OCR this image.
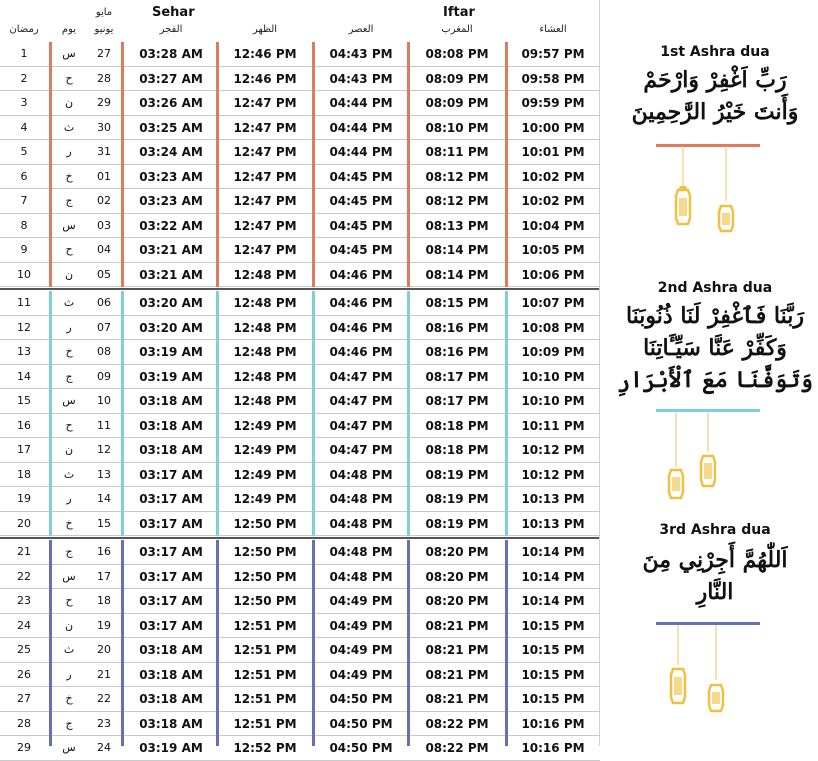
Sehar	Iftar
مايو
رمضان	يوم	يونيو	الفجر	الظهر	العصر	المغرب	العشاء
1	س	27	03:28 AM	12:46 PM	04:43 PM	08:08 PM	09:57 PM
2	ح	28	03:27 AM	12:46 PM	04:43 PM	08:09 PM	09:58 PM
3	ن	29	03:26 AM	12:47 PM	04:44 PM	08:09 PM	09:59 PM
4	ث	30	03:25 AM	12:47 PM	04:44 PM	08:10 PM	10:00 PM
5	ر	31	03:24 AM	12:47 PM	04:44 PM	08:11 PM	10:01 PM
6	خ	01	03:23 AM	12:47 PM	04:45 PM	08:12 PM	10:02 PM
7	ج	02	03:23 AM	12:47 PM	04:45 PM	08:12 PM	10:02 PM
8	س	03	03:22 AM	12:47 PM	04:45 PM	08:13 PM	10:04 PM
9	ح	04	03:21 AM	12:47 PM	04:45 PM	08:14 PM	10:05 PM
10	ن	05	03:21 AM	12:48 PM	04:46 PM	08:14 PM	10:06 PM
11	ث	06	03:20 AM	12:48 PM	04:46 PM	08:15 PM	10:07 PM
12	ر	07	03:20 AM	12:48 PM	04:46 PM	08:16 PM	10:08 PM
13	خ	08	03:19 AM	12:48 PM	04:46 PM	08:16 PM	10:09 PM
14	ج	09	03:19 AM	12:48 PM	04:47 PM	08:17 PM	10:10 PM
15	س	10	03:18 AM	12:48 PM	04:47 PM	08:17 PM	10:10 PM
16	ح	11	03:18 AM	12:49 PM	04:47 PM	08:18 PM	10:11 PM
17	ن	12	03:18 AM	12:49 PM	04:47 PM	08:18 PM	10:12 PM
18	ث	13	03:17 AM	12:49 PM	04:48 PM	08:19 PM	10:12 PM
19	ر	14	03:17 AM	12:49 PM	04:48 PM	08:19 PM	10:13 PM
20	خ	15	03:17 AM	12:50 PM	04:48 PM	08:19 PM	10:13 PM
21	ج	16	03:17 AM	12:50 PM	04:48 PM	08:20 PM	10:14 PM
22	س	17	03:17 AM	12:50 PM	04:48 PM	08:20 PM	10:14 PM
23	ح	18	03:17 AM	12:50 PM	04:49 PM	08:20 PM	10:14 PM
24	ن	19	03:17 AM	12:51 PM	04:49 PM	08:21 PM	10:15 PM
25	ث	20	03:18 AM	12:51 PM	04:49 PM	08:21 PM	10:15 PM
26	ر	21	03:18 AM	12:51 PM	04:49 PM	08:21 PM	10:15 PM
27	خ	22	03:18 AM	12:51 PM	04:50 PM	08:21 PM	10:15 PM
28	ج	23	03:18 AM	12:51 PM	04:50 PM	08:22 PM	10:16 PM
29	س	24	03:19 AM	12:52 PM	04:50 PM	08:22 PM	10:16 PM
1st Ashra dua
رَبِّ اَغْفِرْ وَارْحَمْ
وَأَنتَ خَيْرُ الرَّٰحِمِينَ
2nd Ashra dua
رَبَّنَا فَٱغْفِرْ لَنَا ذُنُوبَنَا
وَكَفِّرْ عَنَّا سَيِّـَٔاتِنَا
وَتَوَفَّنَا مَعَ ٱلْأَبْرَارِ
3rd Ashra dua
اَللّٰهُمَّ أَجِرْنِي مِنَ
النَّارِ
